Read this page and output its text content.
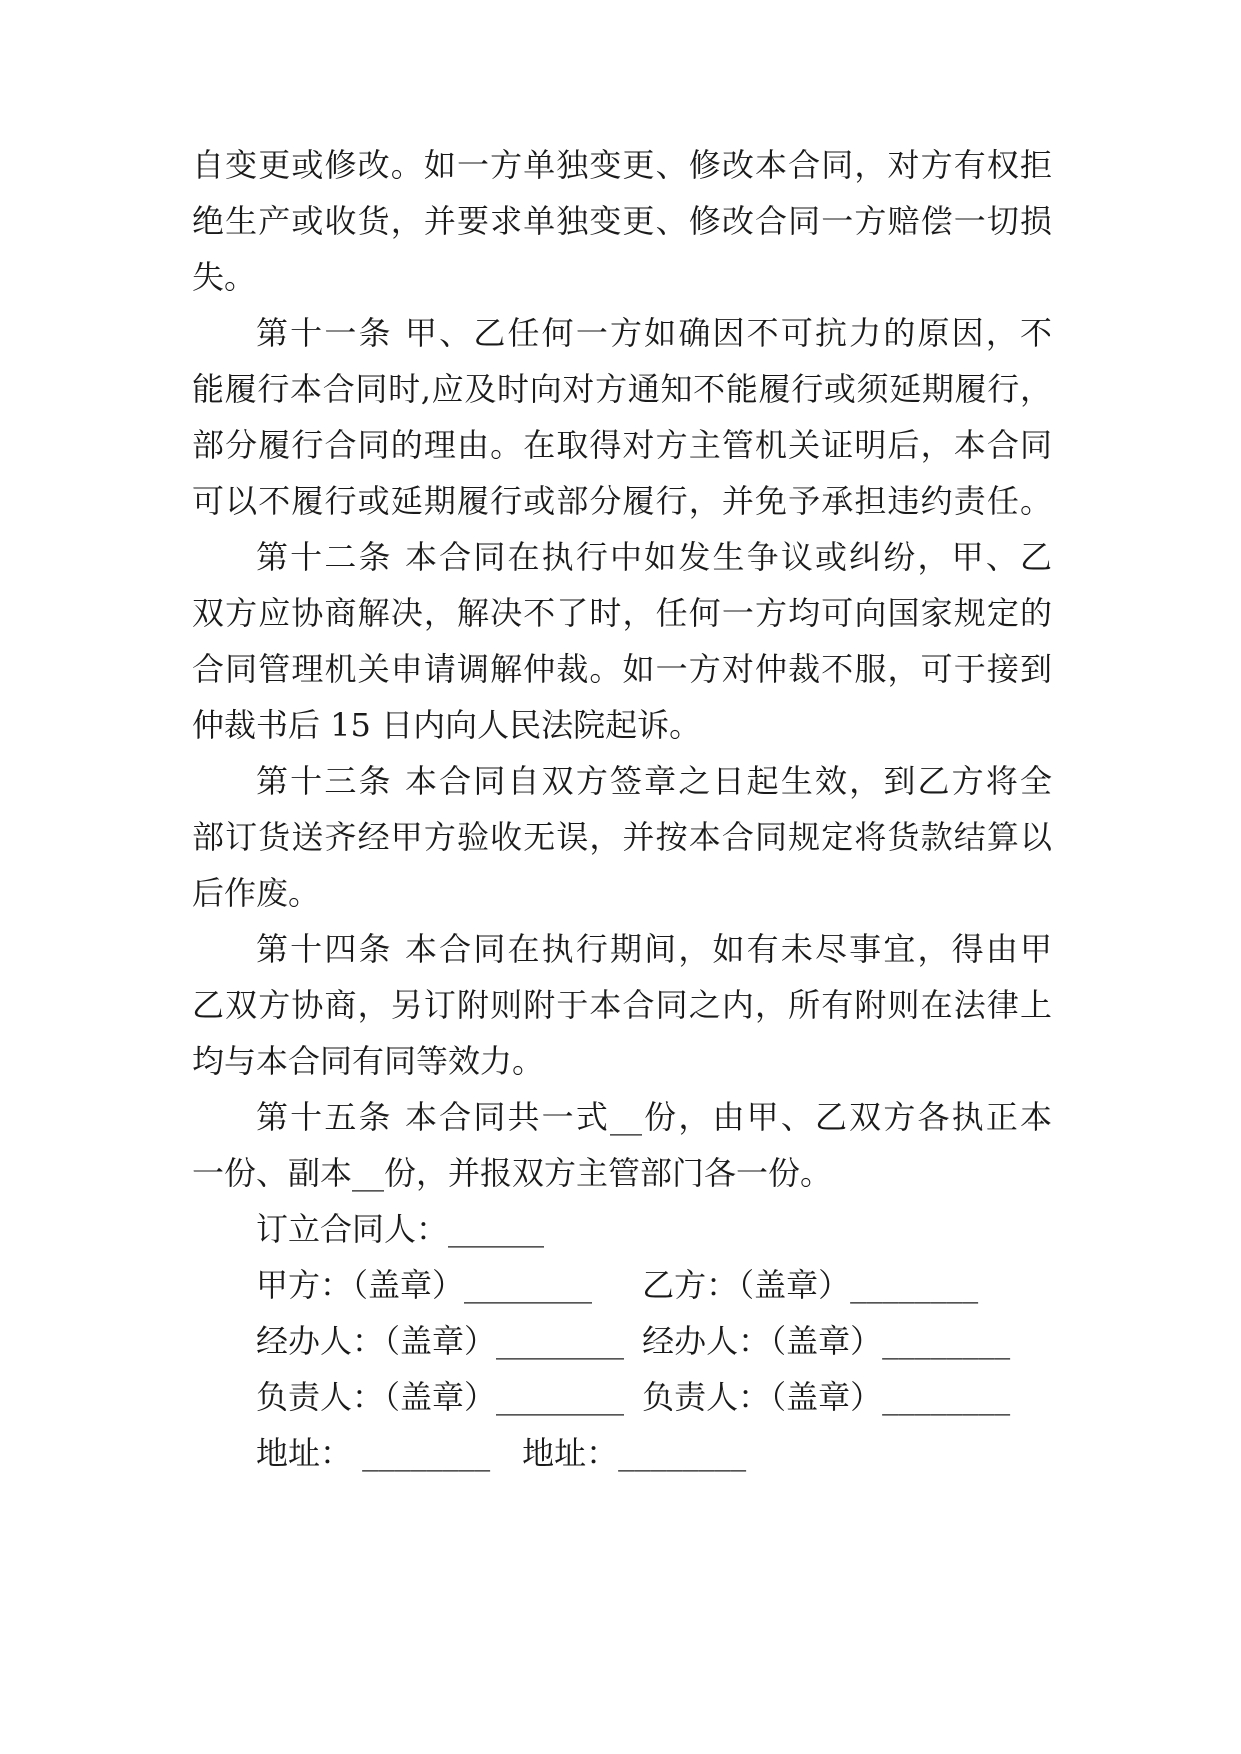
自变更或修改。如一方单独变更、修改本合同，对方有权拒
绝生产或收货，并要求单独变更、修改合同一方赔偿一切损
失。
第十一条 甲、乙任何一方如确因不可抗力的原因，不
能履行本合同时,应及时向对方通知不能履行或须延期履行，
部分履行合同的理由。在取得对方主管机关证明后，本合同
可以不履行或延期履行或部分履行，并免予承担违约责任。
第十二条 本合同在执行中如发生争议或纠纷，甲、乙
双方应协商解决，解决不了时，任何一方均可向国家规定的
合同管理机关申请调解仲裁。如一方对仲裁不服，可于接到
仲裁书后 15 日内向人民法院起诉。
第十三条 本合同自双方签章之日起生效，到乙方将全
部订货送齐经甲方验收无误，并按本合同规定将货款结算以
后作废。
第十四条 本合同在执行期间，如有未尽事宜，得由甲
乙双方协商，另订附则附于本合同之内，所有附则在法律上
均与本合同有同等效力。
第十五条 本合同共一式__份，由甲、乙双方各执正本
一份、副本__份，并报双方主管部门各一份。
订立合同人：______
甲方：（盖章）________ 乙方：（盖章）________
经办人：（盖章）________ 经办人：（盖章）________
负责人：（盖章）________ 负责人：（盖章）________
地址： ________ 地址：________
